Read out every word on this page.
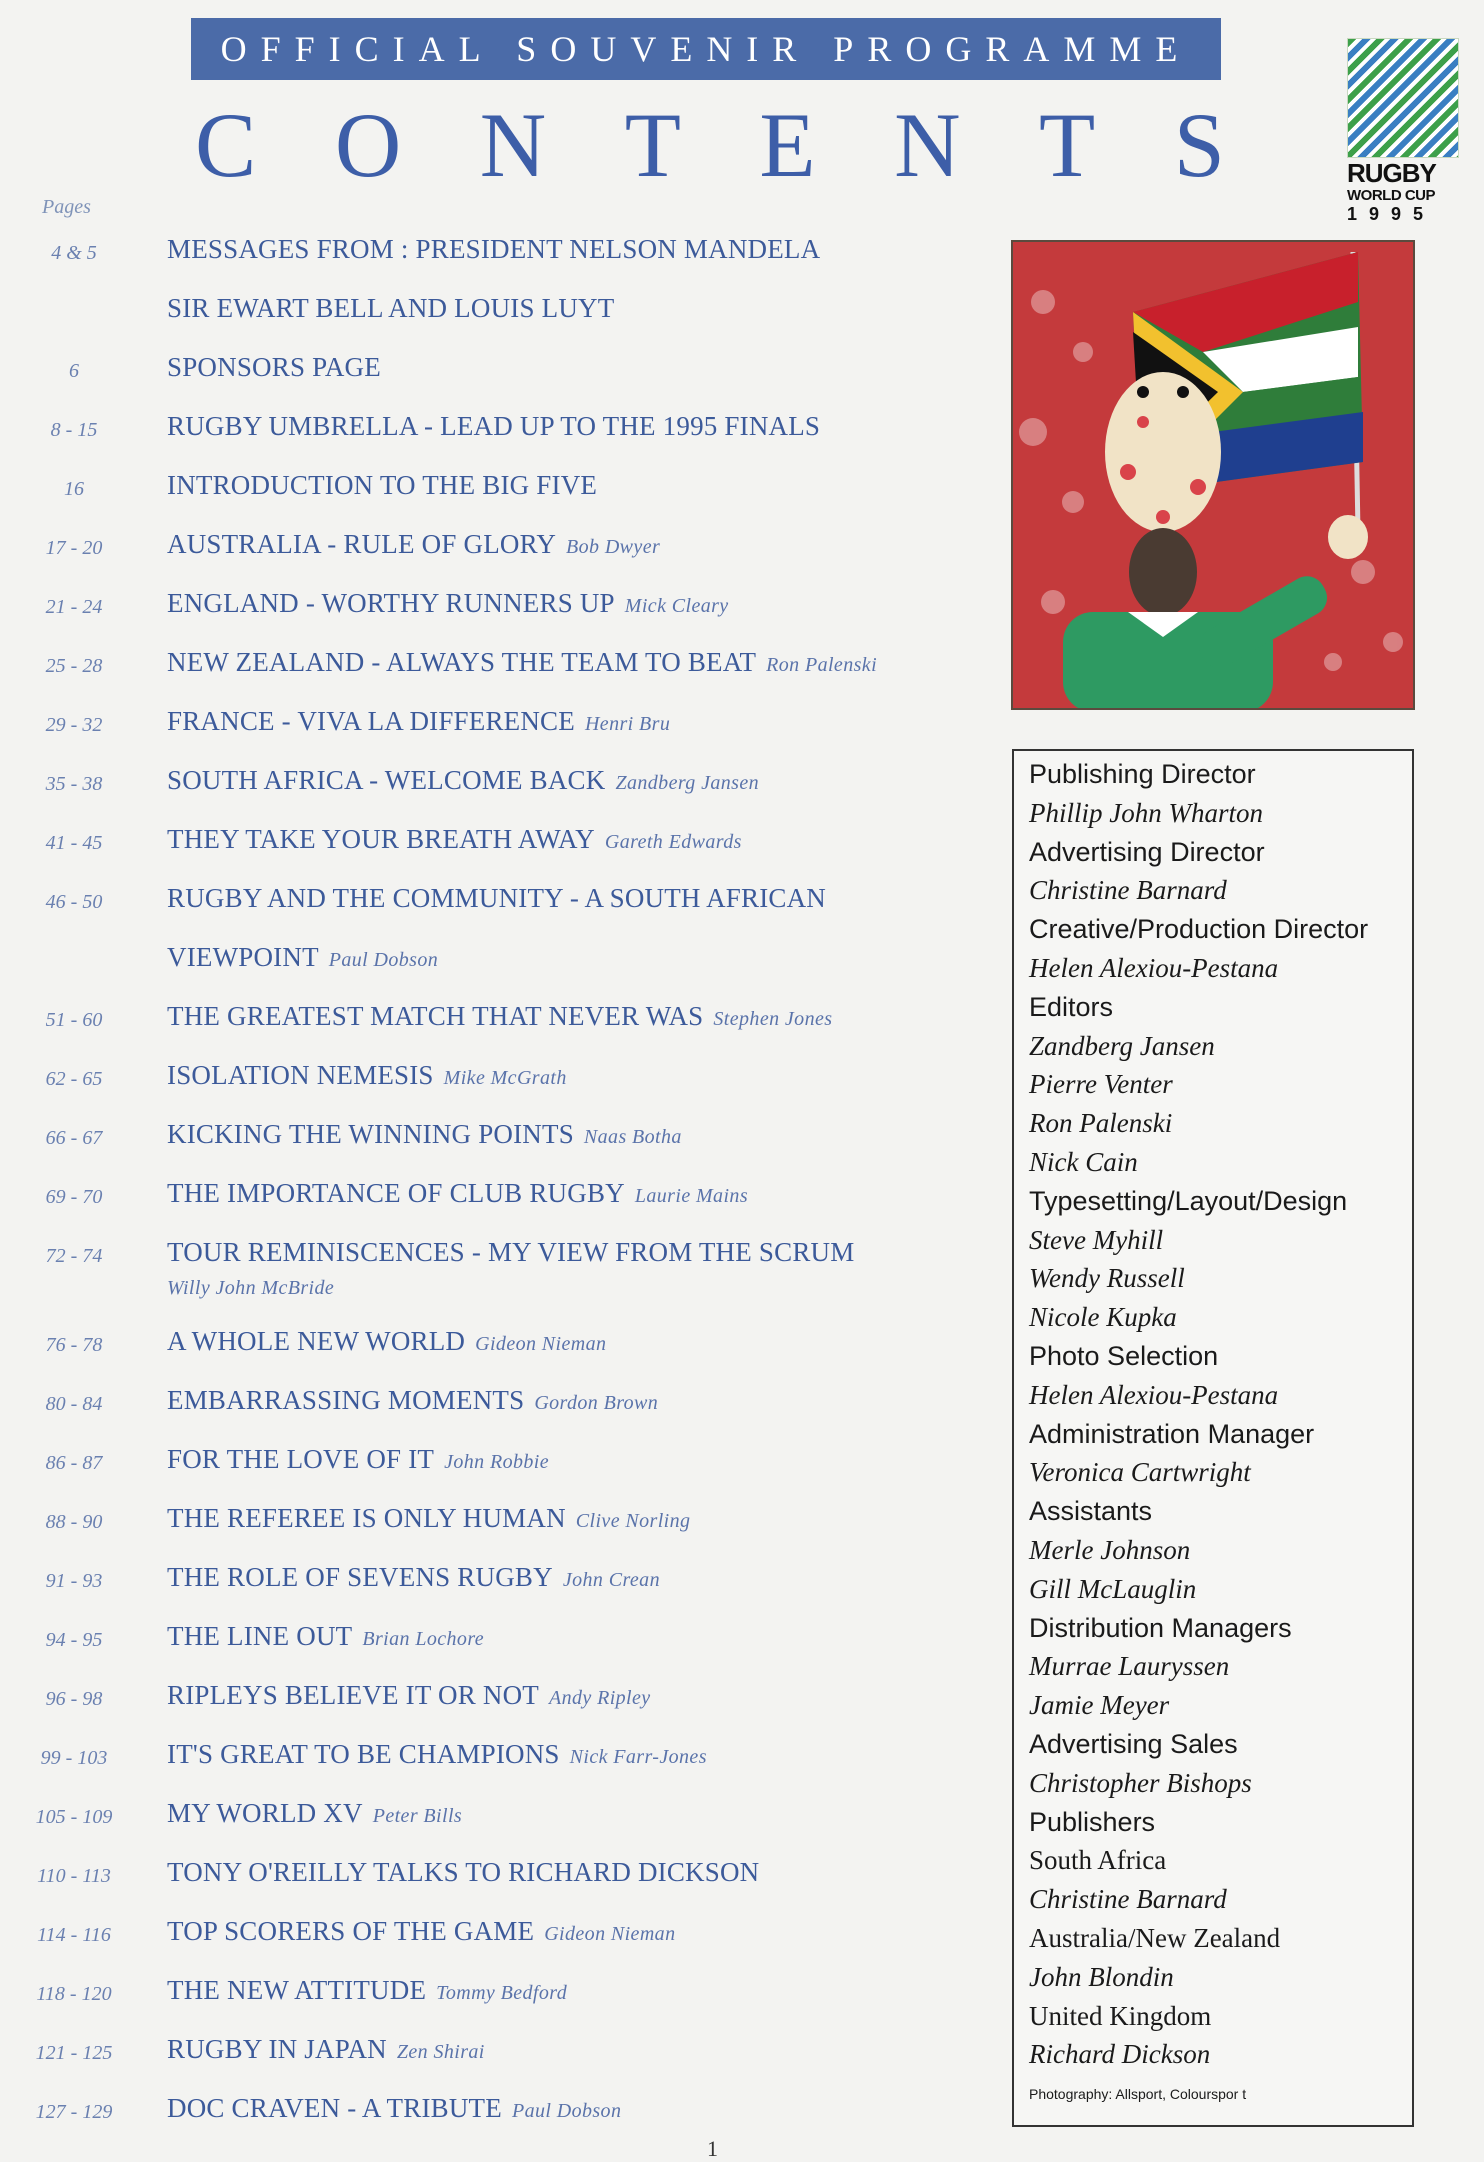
OFFICIAL SOUVENIR PROGRAMME
C O N T E N T S	RUGBY
WORLD CUP
1995
Pages
4 & 5	MESSAGES FROM : PRESIDENT NELSON MANDELA
SIR EWART BELL AND LOUIS LUYT
6	SPONSORS PAGE
8 - 15	RUGBY UMBRELLA - LEAD UP TO THE 1995 FINALS
16	INTRODUCTION TO THE BIG FIVE
17 - 20	AUSTRALIA - RULE OF GLORY Bob Dwyer
21 - 24	ENGLAND - WORTHY RUNNERS UP Mick Cleary
25 - 28	NEW ZEALAND - ALWAYS THE TEAM TO BEAT Ron Palenski
29 - 32	FRANCE - VIVA LA DIFFERENCE Henri Bru
35 - 38	SOUTH AFRICA - WELCOME BACK Zandberg Jansen
41 - 45	THEY TAKE YOUR BREATH AWAY Gareth Edwards
46 - 50	RUGBY AND THE COMMUNITY - A SOUTH AFRICAN
VIEWPOINT Paul Dobson
51 - 60	THE GREATEST MATCH THAT NEVER WAS Stephen Jones
62 - 65	ISOLATION NEMESIS Mike McGrath
66 - 67	KICKING THE WINNING POINTS Naas Botha
69 - 70	THE IMPORTANCE OF CLUB RUGBY Laurie Mains
72 - 74	TOUR REMINISCENCES - MY VIEW FROM THE SCRUM
Willy John McBride
76 - 78	A WHOLE NEW WORLD Gideon Nieman
80 - 84	EMBARRASSING MOMENTS Gordon Brown
86 - 87	FOR THE LOVE OF IT John Robbie
88 - 90	THE REFEREE IS ONLY HUMAN Clive Norling
91 - 93	THE ROLE OF SEVENS RUGBY John Crean
94 - 95	THE LINE OUT Brian Lochore
96 - 98	RIPLEYS BELIEVE IT OR NOT Andy Ripley
99 - 103	IT'S GREAT TO BE CHAMPIONS Nick Farr-Jones
105 - 109	MY WORLD XV Peter Bills
110 - 113	TONY O'REILLY TALKS TO RICHARD DICKSON
114 - 116	TOP SCORERS OF THE GAME Gideon Nieman
118 - 120	THE NEW ATTITUDE Tommy Bedford
121 - 125	RUGBY IN JAPAN Zen Shirai
127 - 129	DOC CRAVEN - A TRIBUTE Paul Dobson
Publishing Director
Phillip John Wharton
Advertising Director
Christine Barnard
Creative/Production Director
Helen Alexiou-Pestana
Editors
Zandberg Jansen
Pierre Venter
Ron Palenski
Nick Cain
Typesetting/Layout/Design
Steve Myhill
Wendy Russell
Nicole Kupka
Photo Selection
Helen Alexiou-Pestana
Administration Manager
Veronica Cartwright
Assistants
Merle Johnson
Gill McLauglin
Distribution Managers
Murrae Lauryssen
Jamie Meyer
Advertising Sales
Christopher Bishops
Publishers
South Africa
Christine Barnard
Australia/New Zealand
John Blondin
United Kingdom
Richard Dickson
Photography: Allsport, Colourspor t
1
